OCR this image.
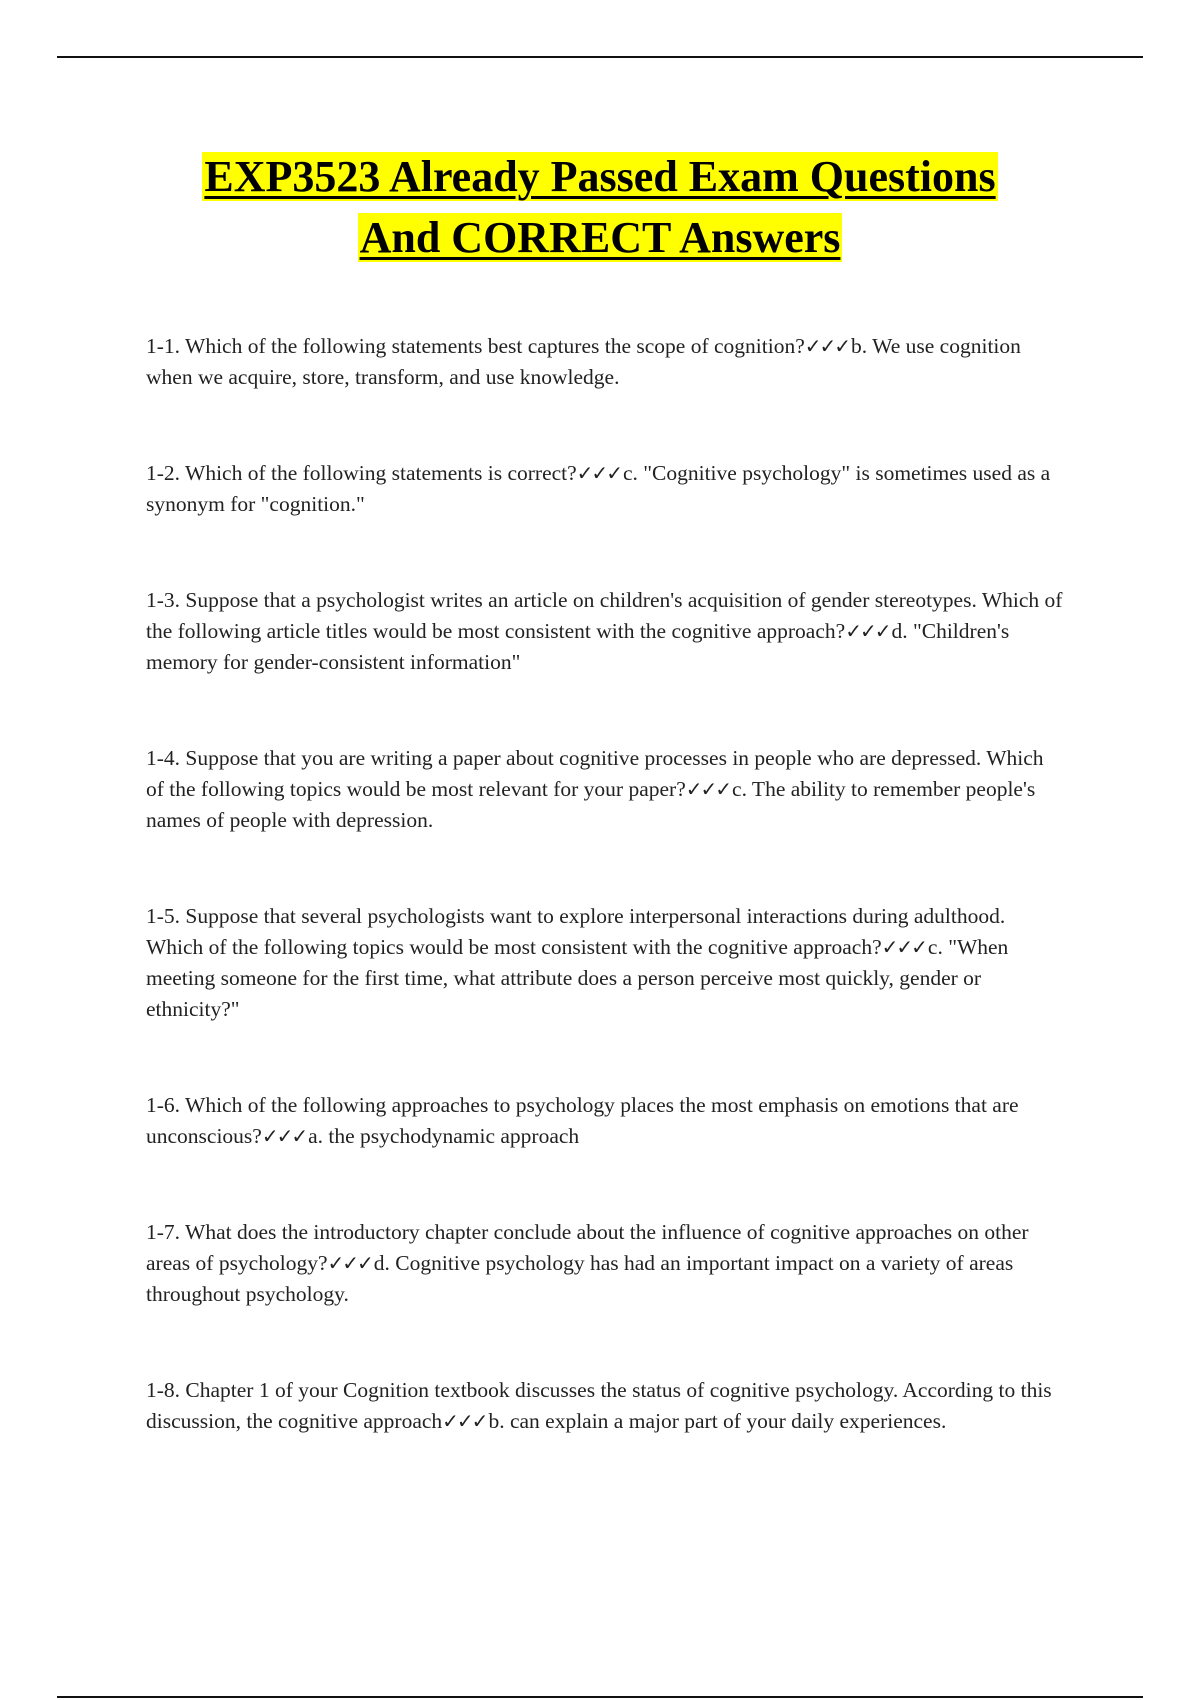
EXP3523 Already Passed Exam Questions
And CORRECT Answers

1-1. Which of the following statements best captures the scope of cognition?✓✓✓b. We use cognition when we acquire, store, transform, and use knowledge.

1-2. Which of the following statements is correct?✓✓✓c. "Cognitive psychology" is sometimes used as a synonym for "cognition."

1-3. Suppose that a psychologist writes an article on children's acquisition of gender stereotypes. Which of the following article titles would be most consistent with the cognitive approach?✓✓✓d. "Children's memory for gender-consistent information"

1-4. Suppose that you are writing a paper about cognitive processes in people who are depressed. Which of the following topics would be most relevant for your paper?✓✓✓c. The ability to remember people's names of people with depression.

1-5. Suppose that several psychologists want to explore interpersonal interactions during adulthood. Which of the following topics would be most consistent with the cognitive approach?✓✓✓c. "When meeting someone for the first time, what attribute does a person perceive most quickly, gender or ethnicity?"

1-6. Which of the following approaches to psychology places the most emphasis on emotions that are unconscious?✓✓✓a. the psychodynamic approach

1-7. What does the introductory chapter conclude about the influence of cognitive approaches on other areas of psychology?✓✓✓d. Cognitive psychology has had an important impact on a variety of areas throughout psychology.

1-8. Chapter 1 of your Cognition textbook discusses the status of cognitive psychology. According to this discussion, the cognitive approach✓✓✓b. can explain a major part of your daily experiences.
